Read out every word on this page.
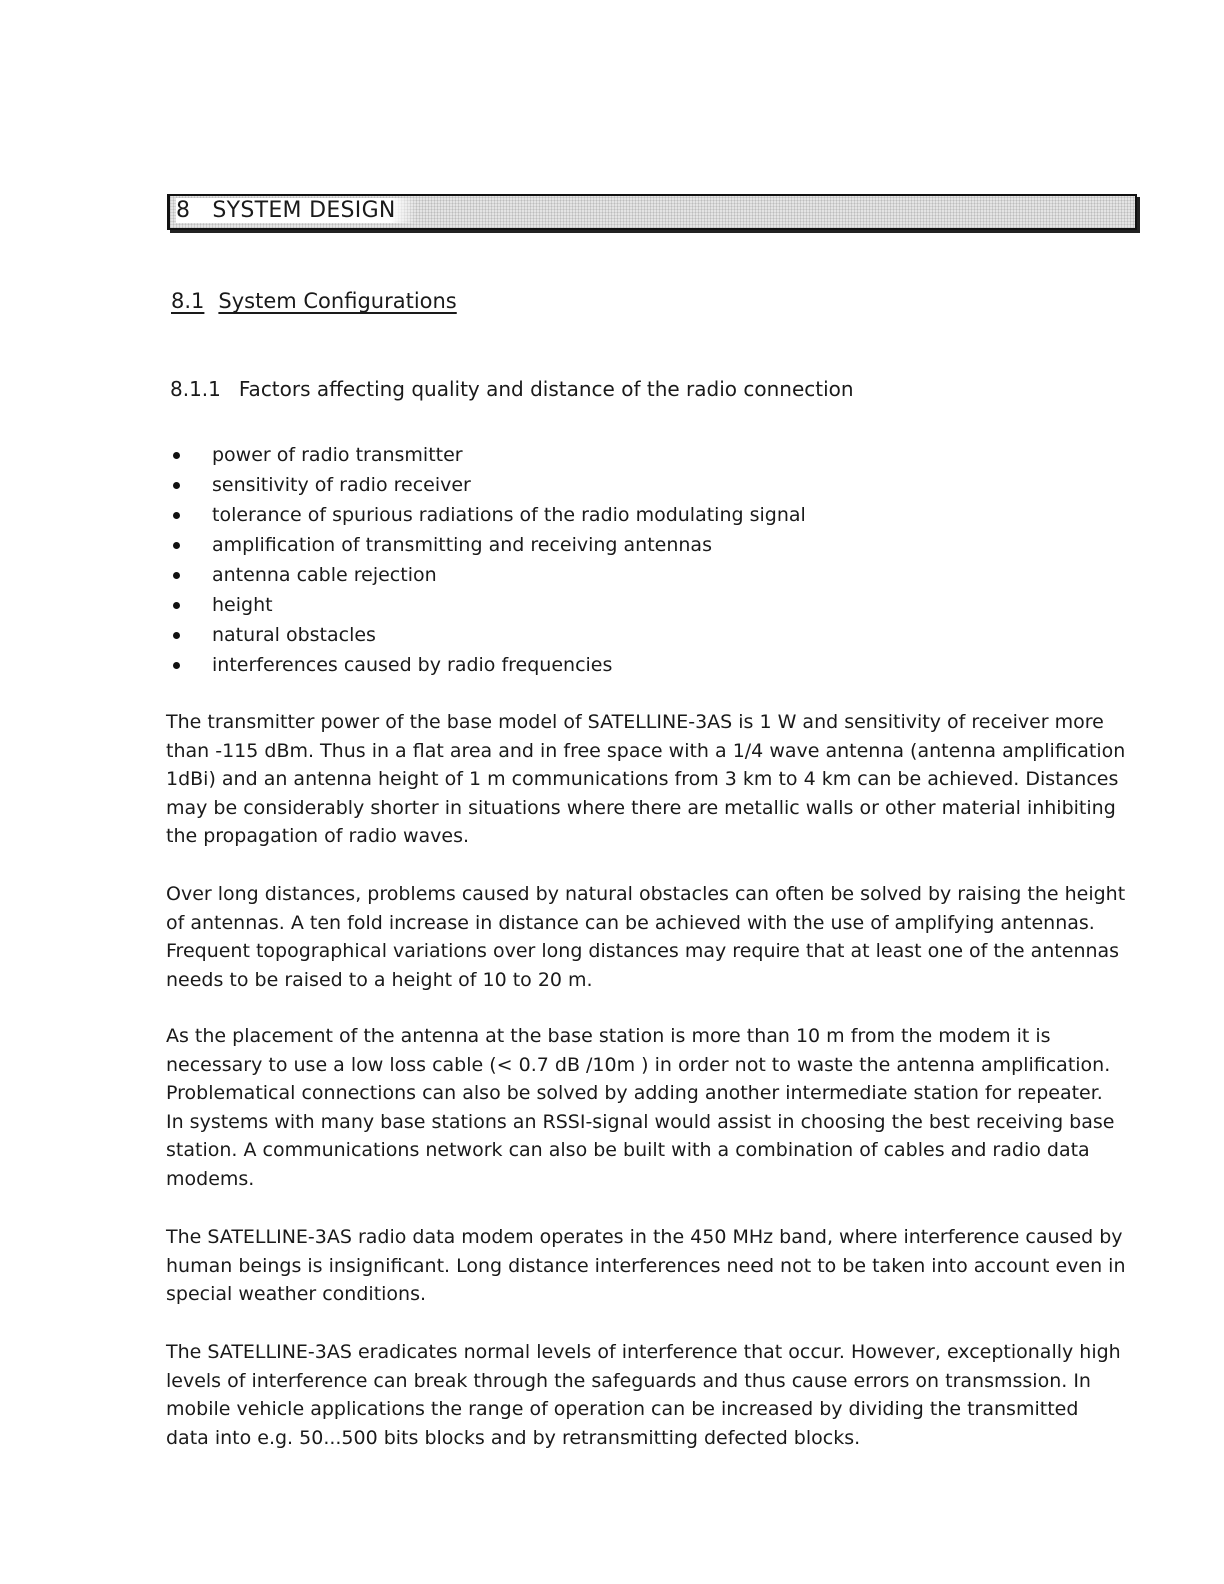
8 SYSTEM DESIGN
8.1 System Configurations
8.1.1 Factors affecting quality and distance of the radio connection
power of radio transmitter
sensitivity of radio receiver
tolerance of spurious radiations of the radio modulating signal
amplification of transmitting and receiving antennas
antenna cable rejection
height
natural obstacles
interferences caused by radio frequencies

The transmitter power of the base model of SATELLINE-3AS is 1 W and sensitivity of receiver more than -115 dBm. Thus in a flat area and in free space with a 1/4 wave antenna (antenna amplification 1dBi) and an antenna height of 1 m communications from 3 km to 4 km can be achieved. Distances may be considerably shorter in situations where there are metallic walls or other material inhibiting the propagation of radio waves.

Over long distances, problems caused by natural obstacles can often be solved by raising the height of antennas. A ten fold increase in distance can be achieved with the use of amplifying antennas. Frequent topographical variations over long distances may require that at least one of the antennas needs to be raised to a height of 10 to 20 m.

As the placement of the antenna at the base station is more than 10 m from the modem it is necessary to use a low loss cable (< 0.7 dB /10m ) in order not to waste the antenna amplification. Problematical connections can also be solved by adding another intermediate station for repeater. In systems with many base stations an RSSI-signal would assist in choosing the best receiving base station. A communications network can also be built with a combination of cables and radio data modems.

The SATELLINE-3AS radio data modem operates in the 450 MHz band, where interference caused by human beings is insignificant. Long distance interferences need not to be taken into account even in special weather conditions.

The SATELLINE-3AS eradicates normal levels of interference that occur. However, exceptionally high levels of interference can break through the safeguards and thus cause errors on transmssion. In mobile vehicle applications the range of operation can be increased by dividing the transmitted data into e.g. 50...500 bits blocks and by retransmitting defected blocks.
